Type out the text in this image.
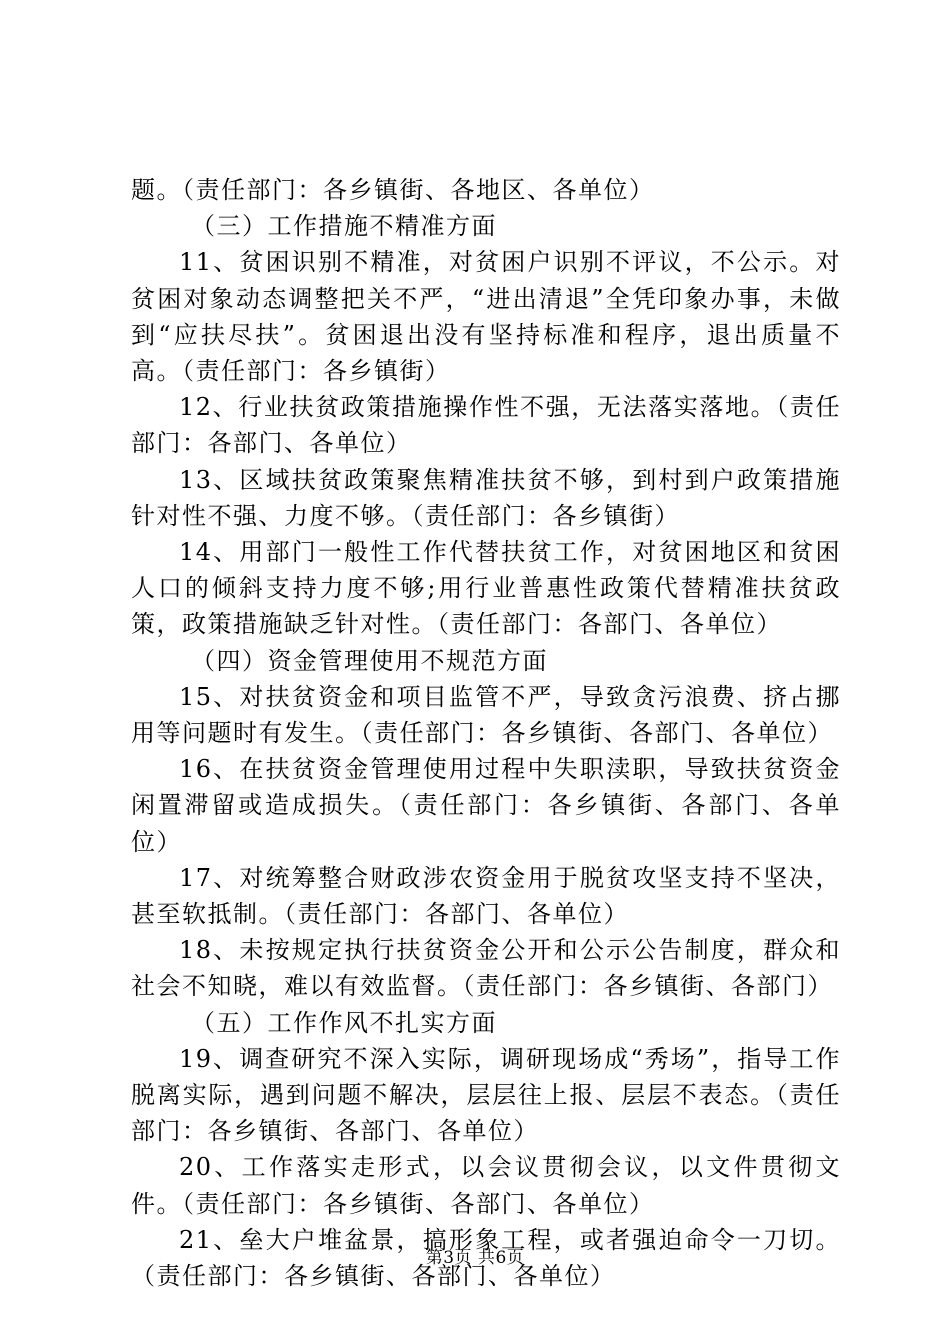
题。（责任部门：各乡镇街、各地区、各单位）

（三）工作措施不精准方面

11、贫困识别不精准，对贫困户识别不评议，不公示。对贫困对象动态调整把关不严，“进出清退”全凭印象办事，未做到“应扶尽扶”。贫困退出没有坚持标准和程序，退出质量不高。（责任部门：各乡镇街）

12、行业扶贫政策措施操作性不强，无法落实落地。（责任部门：各部门、各单位）

13、区域扶贫政策聚焦精准扶贫不够，到村到户政策措施针对性不强、力度不够。（责任部门：各乡镇街）

14、用部门一般性工作代替扶贫工作，对贫困地区和贫困人口的倾斜支持力度不够;用行业普惠性政策代替精准扶贫政策，政策措施缺乏针对性。（责任部门：各部门、各单位）

（四）资金管理使用不规范方面

15、对扶贫资金和项目监管不严，导致贪污浪费、挤占挪用等问题时有发生。（责任部门：各乡镇街、各部门、各单位）

16、在扶贫资金管理使用过程中失职渎职，导致扶贫资金闲置滞留或造成损失。（责任部门：各乡镇街、各部门、各单位）

17、对统筹整合财政涉农资金用于脱贫攻坚支持不坚决，甚至软抵制。（责任部门：各部门、各单位）

18、未按规定执行扶贫资金公开和公示公告制度，群众和社会不知晓，难以有效监督。（责任部门：各乡镇街、各部门）

（五）工作作风不扎实方面

19、调查研究不深入实际，调研现场成“秀场”，指导工作脱离实际，遇到问题不解决，层层往上报、层层不表态。（责任部门：各乡镇街、各部门、各单位）

20、工作落实走形式，以会议贯彻会议，以文件贯彻文件。（责任部门：各乡镇街、各部门、各单位）

21、垒大户堆盆景，搞形象工程，或者强迫命令一刀切。（责任部门：各乡镇街、各部门、各单位）

第3页 共6页
